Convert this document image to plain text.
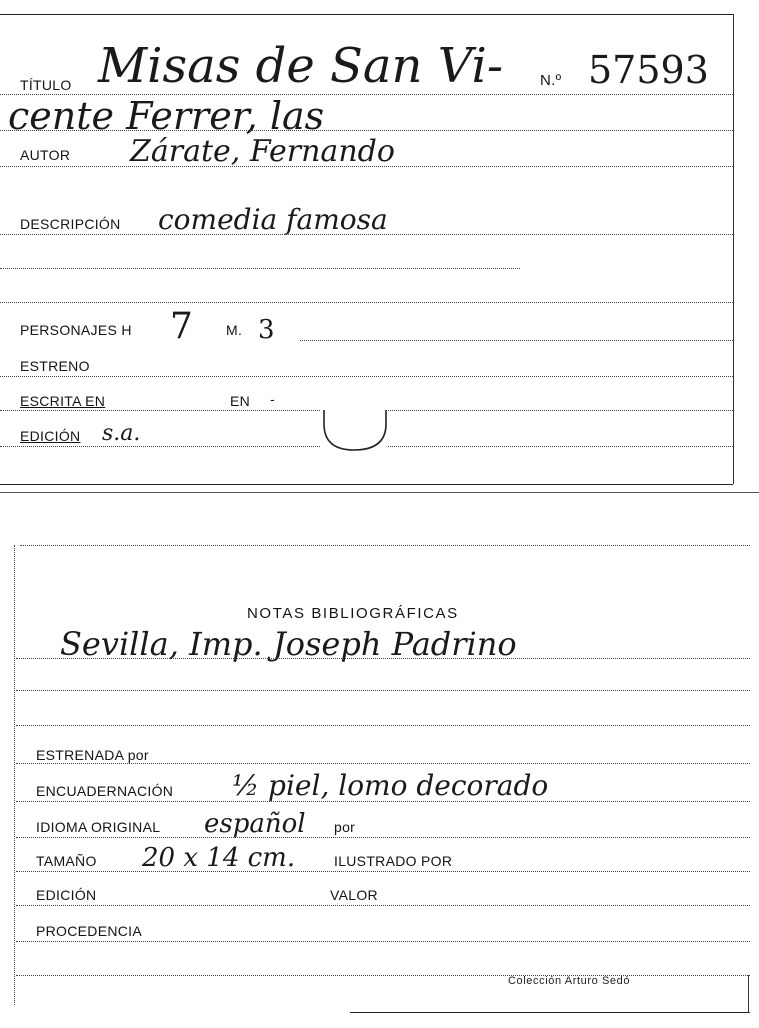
TÍTULO Misas de San Vi- N.º 57593
cente Ferrer, las
AUTOR Zárate, Fernando
DESCRIPCIÓN comedia famosa
PERSONAJES H 7 M. 3
ESTRENO
ESCRITA EN	EN -
EDICIÓN s.a.
NOTAS BIBLIOGRÁFICAS
Sevilla, Imp. Joseph Padrino
ESTRENADA por
ENCUADERNACIÓN ½ piel, lomo decorado
IDIOMA ORIGINAL español por
TAMAÑO 20 x 14 cm.	ILUSTRADO POR
EDICIÓN	VALOR
PROCEDENCIA
Colección Arturo Sedó
